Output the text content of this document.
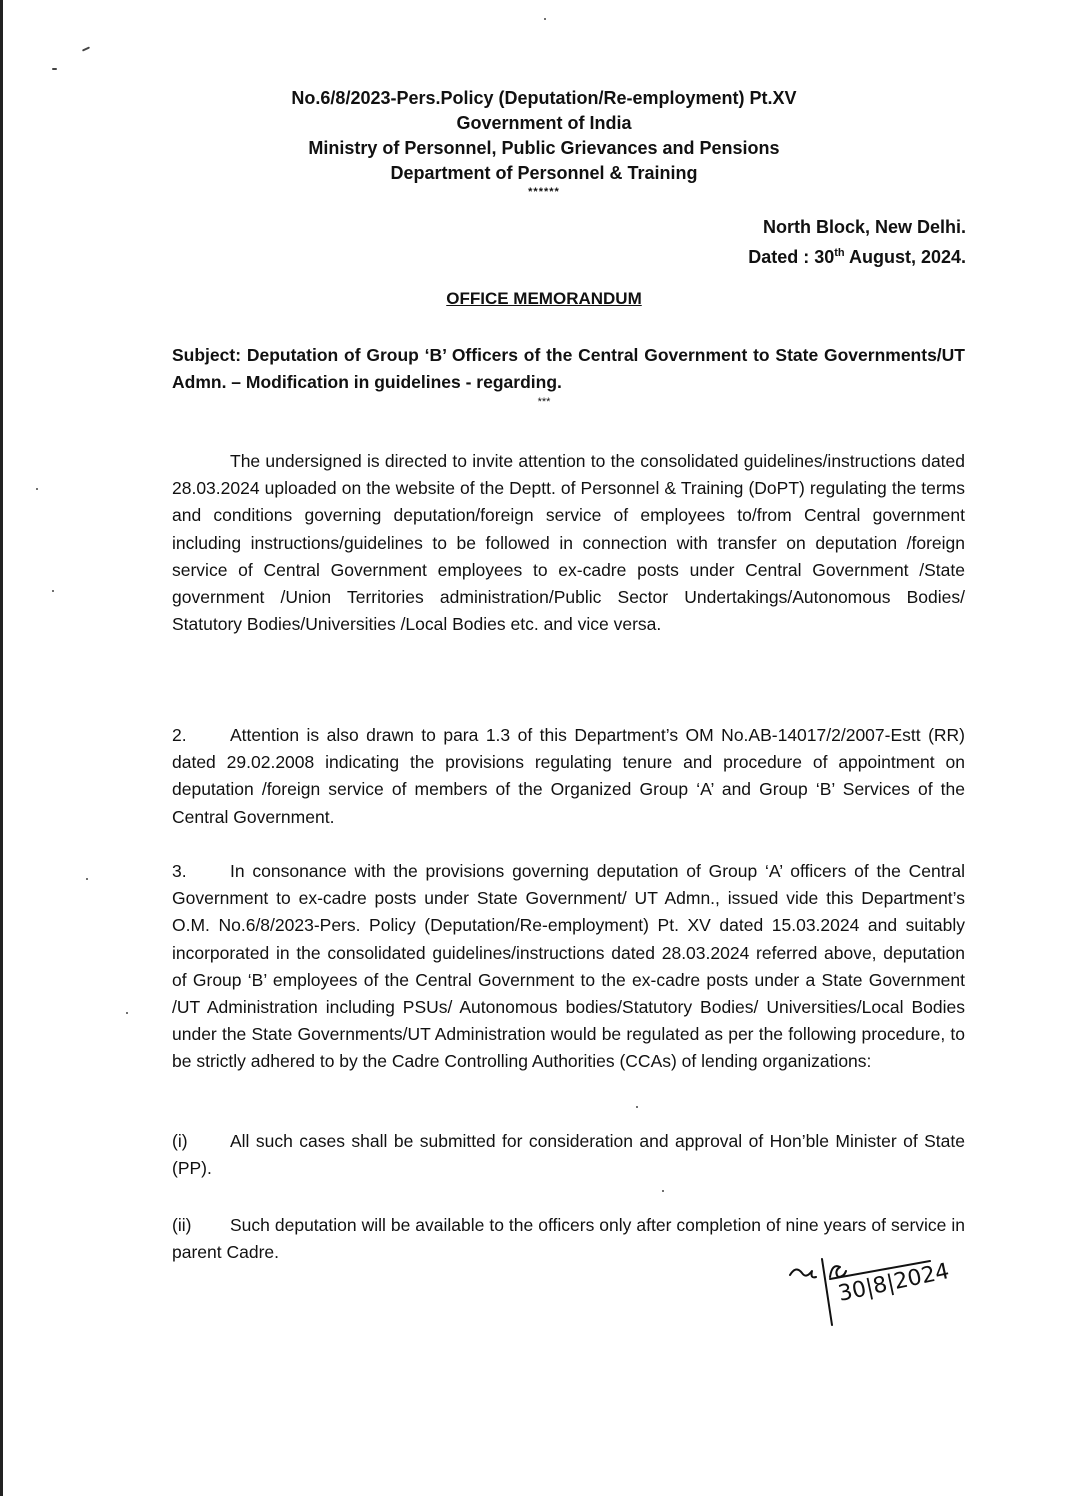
No.6/8/2023-Pers.Policy (Deputation/Re-employment) Pt.XV
Government of India
Ministry of Personnel, Public Grievances and Pensions
Department of Personnel & Training
******
North Block, New Delhi.
Dated : 30th August, 2024.
OFFICE MEMORANDUM
Subject: Deputation of Group ‘B’ Officers of the Central Government to State Governments/UT Admn. – Modification in guidelines - regarding.
***
The undersigned is directed to invite attention to the consolidated guidelines/instructions dated 28.03.2024 uploaded on the website of the Deptt. of Personnel & Training (DoPT) regulating the terms and conditions governing deputation/foreign service of employees to/from Central government including instructions/guidelines to be followed in connection with transfer on deputation /foreign service of Central Government employees to ex-cadre posts under Central Government /State government /Union Territories administration/Public Sector Undertakings/Autonomous Bodies/ Statutory Bodies/Universities /Local Bodies etc. and vice versa.
2. Attention is also drawn to para 1.3 of this Department’s OM No.AB-14017/2/2007-Estt (RR) dated 29.02.2008 indicating the provisions regulating tenure and procedure of appointment on deputation /foreign service of members of the Organized Group ‘A’ and Group ‘B’ Services of the Central Government.
3. In consonance with the provisions governing deputation of Group ‘A’ officers of the Central Government to ex-cadre posts under State Government/ UT Admn., issued vide this Department’s O.M. No.6/8/2023-Pers. Policy (Deputation/Re-employment) Pt. XV dated 15.03.2024 and suitably incorporated in the consolidated guidelines/instructions dated 28.03.2024 referred above, deputation of Group ‘B’ employees of the Central Government to the ex-cadre posts under a State Government /UT Administration including PSUs/ Autonomous bodies/Statutory Bodies/ Universities/Local Bodies under the State Governments/UT Administration would be regulated as per the following procedure, to be strictly adhered to by the Cadre Controlling Authorities (CCAs) of lending organizations:
(i) All such cases shall be submitted for consideration and approval of Hon’ble Minister of State (PP).
(ii) Such deputation will be available to the officers only after completion of nine years of service in parent Cadre.
30|8|2024
